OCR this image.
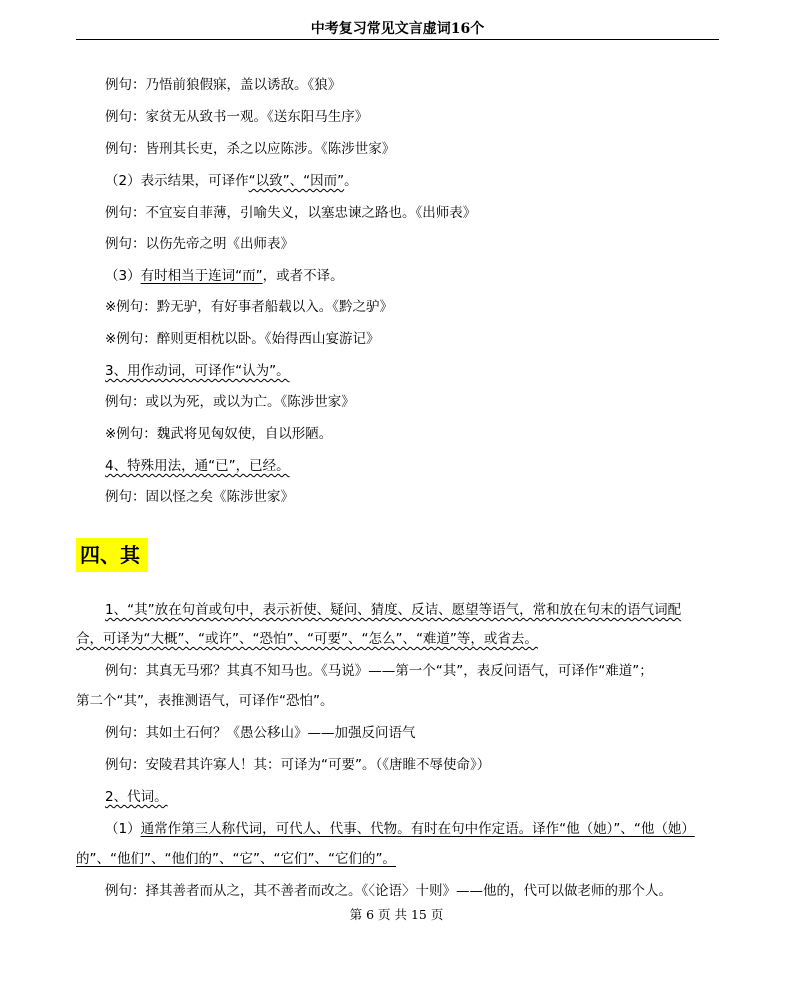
中考复习常见文言虚词16个
例句：乃悟前狼假寐，盖以诱敌。《狼》
例句：家贫无从致书一观。《送东阳马生序》
例句：皆刑其长吏，杀之以应陈涉。《陈涉世家》
（2）表示结果，可译作“以致”、“因而”。
例句：不宜妄自菲薄，引喻失义，以塞忠谏之路也。《出师表》
例句：以伤先帝之明《出师表》
（3）有时相当于连词“而”，或者不译。
※例句：黔无驴，有好事者船载以入。《黔之驴》
※例句：醉则更相枕以卧。《始得西山宴游记》
3、用作动词，可译作“认为”。
例句：或以为死，或以为亡。《陈涉世家》
※例句：魏武将见匈奴使，自以形陋。
4、特殊用法，通“已”，已经。
例句：固以怪之矣《陈涉世家》
四、其
1、“其”放在句首或句中，表示祈使、疑问、猜度、反诘、愿望等语气，常和放在句末的语气词配
合，可译为“大概”、“或许”、“恐怕”、“可要”、“怎么”、“难道”等，或省去。
例句：其真无马邪？其真不知马也。《马说》——第一个“其”，表反问语气，可译作“难道”；
第二个“其”，表推测语气，可译作“恐怕”。
例句：其如土石何？《愚公移山》——加强反问语气
例句：安陵君其许寡人！其：可译为“可要”。（《唐睢不辱使命》）
2、代词。
（1）通常作第三人称代词，可代人、代事、代物。有时在句中作定语。译作“他（她）”、“他（她）
的”、“他们”、“他们的”、“它”、“它们”、“它们的”。
例句：择其善者而从之，其不善者而改之。《〈论语〉十则》——他的，代可以做老师的那个人。
第 6 页 共 15 页
